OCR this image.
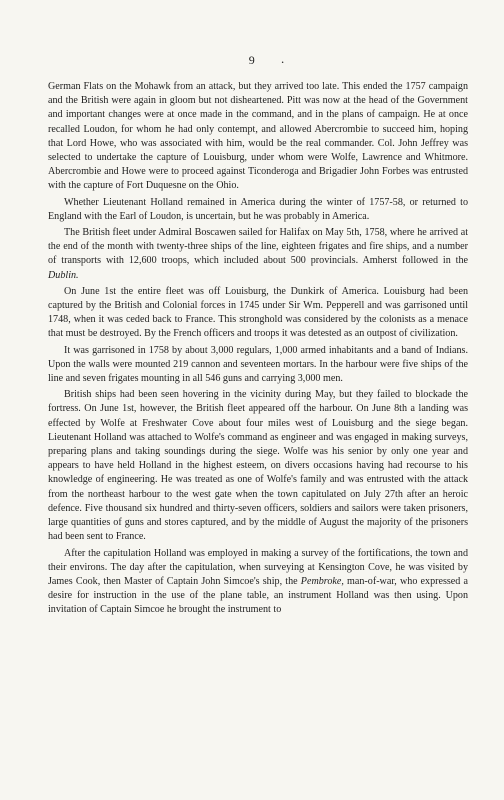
9	.

German Flats on the Mohawk from an attack, but they arrived too late. This ended the 1757 campaign and the British were again in gloom but not disheartened. Pitt was now at the head of the Government and important changes were at once made in the command, and in the plans of campaign. He at once recalled Loudon, for whom he had only contempt, and allowed Abercrombie to succeed him, hoping that Lord Howe, who was associated with him, would be the real commander. Col. John Jeffrey was selected to undertake the capture of Louisburg, under whom were Wolfe, Lawrence and Whitmore. Abercrombie and Howe were to proceed against Ticonderoga and Brigadier John Forbes was entrusted with the capture of Fort Duquesne on the Ohio.

Whether Lieutenant Holland remained in America during the winter of 1757-58, or returned to England with the Earl of Loudon, is uncertain, but he was probably in America.

The British fleet under Admiral Boscawen sailed for Halifax on May 5th, 1758, where he arrived at the end of the month with twenty-three ships of the line, eighteen frigates and fire ships, and a number of transports with 12,600 troops, which included about 500 provincials. Amherst followed in the Dublin.

On June 1st the entire fleet was off Louisburg, the Dunkirk of America. Louisburg had been captured by the British and Colonial forces in 1745 under Sir Wm. Pepperell and was garrisoned until 1748, when it was ceded back to France. This stronghold was considered by the colonists as a menace that must be destroyed. By the French officers and troops it was detested as an outpost of civilization.

It was garrisoned in 1758 by about 3,000 regulars, 1,000 armed inhabitants and a band of Indians. Upon the walls were mounted 219 cannon and seventeen mortars. In the harbour were five ships of the line and seven frigates mounting in all 546 guns and carrying 3,000 men.

British ships had been seen hovering in the vicinity during May, but they failed to blockade the fortress. On June 1st, however, the British fleet appeared off the harbour. On June 8th a landing was effected by Wolfe at Freshwater Cove about four miles west of Louisburg and the siege began. Lieutenant Holland was attached to Wolfe's command as engineer and was engaged in making surveys, preparing plans and taking soundings during the siege. Wolfe was his senior by only one year and appears to have held Holland in the highest esteem, on divers occasions having had recourse to his knowledge of engineering. He was treated as one of Wolfe's family and was entrusted with the attack from the northeast harbour to the west gate when the town capitulated on July 27th after an heroic defence. Five thousand six hundred and thirty-seven officers, soldiers and sailors were taken prisoners, large quantities of guns and stores captured, and by the middle of August the majority of the prisoners had been sent to France.

After the capitulation Holland was employed in making a survey of the fortifications, the town and their environs. The day after the capitulation, when surveying at Kensington Cove, he was visited by James Cook, then Master of Captain John Simcoe's ship, the Pembroke, man-of-war, who expressed a desire for instruction in the use of the plane table, an instrument Holland was then using. Upon invitation of Captain Simcoe he brought the instrument to
